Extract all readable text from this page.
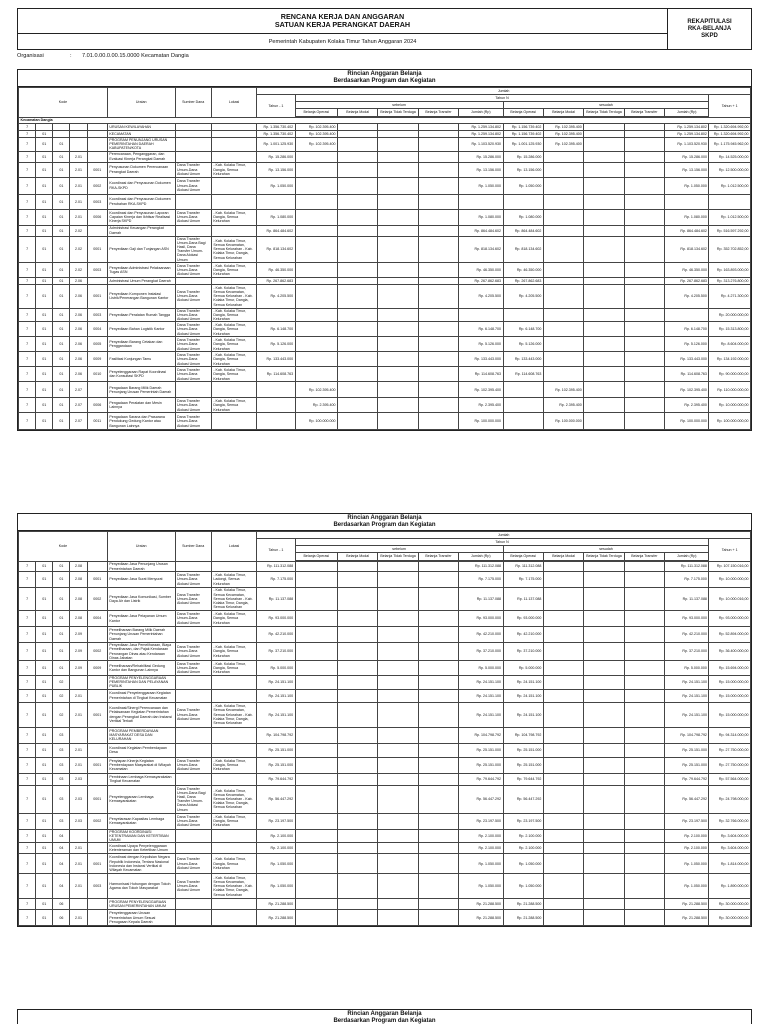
RENCANA KERJA DAN ANGGARAN
SATUAN KERJA PERANGKAT DAERAH
Pemerintah Kabupaten Kolaka Timur Tahun Anggaran 2024
REKAPITULASI
RKA-BELANJA
SKPD
Organisasi	:	7.01.0.00.0.00.15.0000 Kecamatan Dangia
Rincian Anggaran Belanja
Berdasarkan Program dan Kegiatan
Kode					Uraian	Sumber Dana	Lokasi	Jumlah											
								Tahun - 1	Tahun N										Tahun + 1
									sebelum					sesudah					
									Belanja Operasi	Belanja Modal	Belanja Tidak Terduga	Belanja Transfer	Jumlah (Rp)	Belanja Operasi	Belanja Modal	Belanja Tidak Terduga	Belanja Transfer	Jumlah (Rp)	

Kecamatan Dangia																			
7					URUSAN KEWILAYAHAN			Rp. 1.356.730.402	Rp. 102.395.400				Rp. 1.259.134.802	Rp. 1.156.739.402	Rp. 102.395.400			Rp. 1.259.134.802	Rp. 1.320.694.992,00
7	01				KECAMATAN			Rp. 1.356.730.402	Rp. 102.395.400				Rp. 1.259.134.802	Rp. 1.156.739.402	Rp. 102.395.400			Rp. 1.259.134.802	Rp. 1.320.694.992,00
7	01	01			PROGRAM PENUNJANG URUSAN PEMERINTAHAN DAERAH KABUPATEN/KOTA			Rp. 1.001.125.930	Rp. 102.395.400				Rp. 1.103.520.930	Rp. 1.001.125.930	Rp. 102.395.400			Rp. 1.103.520.930	Rp. 1.175.945.962,00
7	01	01	2.01		Perencanaan, Penganggaran, dan Evaluasi Kinerja Perangkat Daerah			Rp. 15.286.000					Rp. 15.286.000	Rp. 15.286.000				Rp. 15.286.000	Rp. 14.525.000,00
7	01	01	2.01	0001	Penyusunan Dokumen Perencanaan Perangkat Daerah	Dana Transfer Umum-Dana Alokasi Umum	- Kab. Kolaka Timur, Dangia, Semua Kelurahan	Rp. 13.156.000					Rp. 13.156.000	Rp. 13.156.000				Rp. 13.156.000	Rp. 12.500.000,00
7	01	01	2.01	0002	Koordinasi dan Penyusunan Dokumen RKA-SKPD	Dana Transfer Umum-Dana Alokasi Umum		Rp. 1.050.000					Rp. 1.050.000	Rp. 1.050.000				Rp. 1.050.000	Rp. 1.012.500,00
7	01	01	2.01	0003	Koordinasi dan Penyusunan Dokumen Perubahan RKA-SKPD														
7	01	01	2.01	0006	Koordinasi dan Penyusunan Laporan Capaian Kinerja dan Ikhtisar Realisasi Kinerja SKPD	Dana Transfer Umum-Dana Alokasi Umum	- Kab. Kolaka Timur, Dangia, Semua Kelurahan	Rp. 1.080.000					Rp. 1.080.000	Rp. 1.080.000				Rp. 1.080.000	Rp. 1.012.500,00
7	01	01	2.02		Administrasi Keuangan Perangkat Daerah			Rp. 864.484.602					Rp. 864.484.602	Rp. 864.484.602				Rp. 864.484.602	Rp. 516.597.292,00
7	01	01	2.02	0001	Penyediaan Gaji dan Tunjangan ASN	Dana Transfer Umum-Dana Bagi Hasil, Dana Transfer Umum-Dana Alokasi Umum	- Kab. Kolaka Timur, Semua Kecamatan, Semua Kelurahan - Kab. Kolaka Timur, Dangia, Semua Kelurahan	Rp. 818.134.602					Rp. 818.134.602	Rp. 818.134.602				Rp. 818.134.602	Rp. 352.702.852,00
7	01	01	2.02	0003	Penyediaan Administrasi Pelaksanaan Tugas ASN	Dana Transfer Umum-Dana Alokasi Umum	- Kab. Kolaka Timur, Dangia, Semua Kelurahan	Rp. 46.350.000					Rp. 46.350.000	Rp. 46.350.000				Rp. 46.350.000	Rp. 163.893.000,00
7	01	01	2.06		Administrasi Umum Perangkat Daerah			Rp. 267.862.683					Rp. 267.862.683	Rp. 267.862.683				Rp. 267.862.683	Rp. 313.276.800,00
7	01	01	2.06	0001	Penyediaan Komponen Instalasi Listrik/Penerangan Bangunan Kantor	Dana Transfer Umum-Dana Alokasi Umum	- Kab. Kolaka Timur, Semua Kecamatan, Semua Kelurahan - Kab. Kolaka Timur, Dangia, Semua Kelurahan	Rp. 4.205.500					Rp. 4.205.500	Rp. 4.205.500				Rp. 4.205.500	Rp. 4.271.300,00
7	01	01	2.06	0003	Penyediaan Peralatan Rumah Tangga	Dana Transfer Umum-Dana Alokasi Umum	- Kab. Kolaka Timur, Dangia, Semua Kelurahan												Rp. 20.000.000,00
7	01	01	2.06	0004	Penyediaan Bahan Logistik Kantor	Dana Transfer Umum-Dana Alokasi Umum	- Kab. Kolaka Timur, Dangia, Semua Kelurahan	Rp. 6.148.700					Rp. 6.148.700	Rp. 6.148.700				Rp. 6.148.700	Rp. 15.313.800,00
7	01	01	2.06	0005	Penyediaan Barang Cetakan dan Penggandaan	Dana Transfer Umum-Dana Alokasi Umum	- Kab. Kolaka Timur, Dangia, Semua Kelurahan	Rp. 5.126.000					Rp. 5.126.000	Rp. 5.126.000				Rp. 5.126.000	Rp. 8.604.000,00
7	01	01	2.06	0009	Fasilitasi Kunjungan Tamu	Dana Transfer Umum-Dana Alokasi Umum	- Kab. Kolaka Timur, Dangia, Semua Kelurahan	Rp. 133.443.000					Rp. 133.443.000	Rp. 133.443.000				Rp. 133.443.000	Rp. 134.192.000,00
7	01	01	2.06	0010	Penyelenggaraan Rapat Koordinasi dan Konsultasi SKPD	Dana Transfer Umum-Dana Alokasi Umum	- Kab. Kolaka Timur, Dangia, Semua Kelurahan	Rp. 114.608.763					Rp. 114.608.763	Rp. 114.608.763				Rp. 114.608.763	Rp. 90.000.000,00
7	01	01	2.07		Pengadaan Barang Milik Daerah Penunjang Urusan Pemerintah Daerah				Rp. 102.395.400				Rp. 102.395.400		Rp. 102.395.400			Rp. 102.395.400	Rp. 110.000.000,00
7	01	01	2.07	0006	Pengadaan Peralatan dan Mesin Lainnya	Dana Transfer Umum-Dana Alokasi Umum	- Kab. Kolaka Timur, Dangia, Semua Kelurahan		Rp. 2.395.400				Rp. 2.395.400		Rp. 2.395.400			Rp. 2.395.400	Rp. 10.000.000,00
7	01	01	2.07	0011	Pengadaan Sarana dan Prasarana Pendukung Gedung Kantor atau Bangunan Lainnya	Dana Transfer Umum-Dana Alokasi Umum			Rp. 100.000.000				Rp. 100.000.000		Rp. 100.000.000			Rp. 100.000.000	Rp. 100.000.000,00
Rincian Anggaran Belanja
Berdasarkan Program dan Kegiatan
Kode					Uraian	Sumber Dana	Lokasi	Jumlah											
								Tahun - 1	Tahun N										Tahun + 1
									sebelum					sesudah					
									Belanja Operasi	Belanja Modal	Belanja Tidak Terduga	Belanja Transfer	Jumlah (Rp)	Belanja Operasi	Belanja Modal	Belanja Tidak Terduga	Belanja Transfer	Jumlah (Rp)	

7	01	01	2.08		Penyediaan Jasa Penunjang Urusan Pemerintahan Daerah			Rp. 111.312.088					Rp. 111.312.088	Rp. 111.312.088				Rp. 111.312.088	Rp. 107.150.016,00
7	01	01	2.08	0001	Penyediaan Jasa Surat Menyurat	Dana Transfer Umum-Dana Alokasi Umum	- Kab. Kolaka Timur, Ladongi, Semua Kelurahan	Rp. 7.175.000					Rp. 7.175.000	Rp. 7.175.000				Rp. 7.175.000	Rp. 10.000.000,00
7	01	01	2.08	0002	Penyediaan Jasa Komunikasi, Sumber Daya Air dan Listrik	Dana Transfer Umum-Dana Alokasi Umum	- Kab. Kolaka Timur, Semua Kecamatan, Semua Kelurahan - Kab. Kolaka Timur, Dangia, Semua Kelurahan	Rp. 11.137.088					Rp. 11.137.088	Rp. 11.137.088				Rp. 11.137.088	Rp. 10.000.016,00
7	01	01	2.08	0004	Penyediaan Jasa Pelayanan Umum Kantor	Dana Transfer Umum-Dana Alokasi Umum	- Kab. Kolaka Timur, Dangia, Semua Kelurahan	Rp. 93.000.000					Rp. 93.000.000	Rp. 93.000.000				Rp. 93.000.000	Rp. 93.000.000,00
7	01	01	2.09		Pemeliharaan Barang Milik Daerah Penunjang Urusan Pemerintahan Daerah			Rp. 42.210.000					Rp. 42.210.000	Rp. 42.210.000				Rp. 42.210.000	Rp. 52.894.000,00
7	01	01	2.09	0002	Penyediaan Jasa Pemeliharaan, Biaya Pemeliharaan, dan Pajak Kendaraan Perorangan Dinas atau Kendaraan Dinas Jabatan	Dana Transfer Umum-Dana Alokasi Umum	- Kab. Kolaka Timur, Dangia, Semua Kelurahan	Rp. 37.210.000					Rp. 37.210.000	Rp. 37.210.000				Rp. 37.210.000	Rp. 36.400.000,00
7	01	01	2.09	0009	Pemeliharaan/Rehabilitasi Gedung Kantor dan Bangunan Lainnya	Dana Transfer Umum-Dana Alokasi Umum	- Kab. Kolaka Timur, Dangia, Semua Kelurahan	Rp. 5.000.000					Rp. 5.000.000	Rp. 5.000.000				Rp. 5.000.000	Rp. 15.694.000,00
7	01	02			PROGRAM PENYELENGGARAAN PEMERINTAHAN DAN PELAYANAN PUBLIK			Rp. 24.151.100					Rp. 24.151.100	Rp. 24.151.100				Rp. 24.151.100	Rp. 15.000.000,00
7	01	02	2.01		Koordinasi Penyelenggaraan Kegiatan Pemerintahan di Tingkat Kecamatan			Rp. 24.151.100					Rp. 24.151.100	Rp. 24.151.100				Rp. 24.151.100	Rp. 15.000.000,00
7	01	02	2.01	0001	Koordinasi/Sinergi Perencanaan dan Pelaksanaan Kegiatan Pemerintahan dengan Perangkat Daerah dan Instansi Vertikal Terkait	Dana Transfer Umum-Dana Alokasi Umum	- Kab. Kolaka Timur, Semua Kecamatan, Semua Kelurahan - Kab. Kolaka Timur, Dangia, Semua Kelurahan	Rp. 24.151.100					Rp. 24.151.100	Rp. 24.151.100				Rp. 24.151.100	Rp. 15.000.000,00
7	01	03			PROGRAM PEMBERDAYAAN MASYARAKAT DESA DAN KELURAHAN			Rp. 104.798.792					Rp. 104.798.792	Rp. 104.798.792				Rp. 104.798.792	Rp. 94.314.000,00
7	01	03	2.01		Koordinasi Kegiatan Pemberdayaan Desa			Rp. 25.151.000					Rp. 25.151.000	Rp. 25.151.000				Rp. 25.151.000	Rp. 27.750.000,00
7	01	03	2.01	0001	Penyiapan Kinerja Kegiatan Pemberdayaan Masyarakat di Wilayah Kecamatan	Dana Transfer Umum-Dana Alokasi Umum	- Kab. Kolaka Timur, Dangia, Semua Kelurahan	Rp. 25.151.000					Rp. 25.151.000	Rp. 25.151.000				Rp. 25.151.000	Rp. 27.750.000,00
7	01	03	2.03		Pembinaan Lembaga Kemasyarakatan Tingkat Kecamatan			Rp. 79.644.792					Rp. 79.644.792	Rp. 79.644.792				Rp. 79.644.792	Rp. 57.564.000,00
7	01	03	2.03	0001	Penyelenggaraan Lembaga Kemasyarakatan	Dana Transfer Umum-Dana Bagi Hasil, Dana Transfer Umum-Dana Alokasi Umum	- Kab. Kolaka Timur, Semua Kecamatan, Semua Kelurahan - Kab. Kolaka Timur, Dangia, Semua Kelurahan	Rp. 56.447.292					Rp. 56.447.292	Rp. 56.447.292				Rp. 56.447.292	Rp. 24.798.000,00
7	01	03	2.03	0002	Penyelarasan Kapasitas Lembaga Kemasyarakatan	Dana Transfer Umum-Dana Alokasi Umum	- Kab. Kolaka Timur, Dangia, Semua Kelurahan	Rp. 23.197.500					Rp. 23.197.500	Rp. 23.197.500				Rp. 23.197.500	Rp. 32.766.000,00
7	01	04			PROGRAM KOORDINASI KETENTRAMAN DAN KETERTIBAN UMUM			Rp. 2.100.000					Rp. 2.100.000	Rp. 2.100.000				Rp. 2.100.000	Rp. 3.604.000,00
7	01	04	2.01		Koordinasi Upaya Penyelenggaraan Ketenteraman dan Ketertiban Umum			Rp. 2.100.000					Rp. 2.100.000	Rp. 2.100.000				Rp. 2.100.000	Rp. 3.604.000,00
7	01	04	2.01	0001	Koordinasi dengan Kepolisian Negara Republik Indonesia, Tentara Nasional Indonesia dan Instansi Vertikal di Wilayah Kecamatan	Dana Transfer Umum-Dana Alokasi Umum	- Kab. Kolaka Timur, Dangia, Semua Kelurahan	Rp. 1.050.000					Rp. 1.050.000	Rp. 1.050.000				Rp. 1.050.000	Rp. 1.814.000,00
7	01	04	2.01	0003	Harmonisasi Hubungan dengan Tokoh Agama dan Tokoh Masyarakat	Dana Transfer Umum-Dana Alokasi Umum	- Kab. Kolaka Timur, Semua Kecamatan, Semua Kelurahan - Kab. Kolaka Timur, Dangia, Semua Kelurahan	Rp. 1.050.000					Rp. 1.050.000	Rp. 1.050.000				Rp. 1.050.000	Rp. 1.890.000,00
7	01	06			PROGRAM PENYELENGGARAAN URUSAN PEMERINTAHAN UMUM			Rp. 21.288.500					Rp. 21.288.500	Rp. 21.288.500				Rp. 21.288.500	Rp. 30.000.000,00
7	01	06	2.01		Penyelenggaraan Urusan Pemerintahan Umum Sesuai Penugasan Kepala Daerah			Rp. 21.288.500					Rp. 21.288.500	Rp. 21.288.500				Rp. 21.288.500	Rp. 30.000.000,00
Rincian Anggaran Belanja
Berdasarkan Program dan Kegiatan
